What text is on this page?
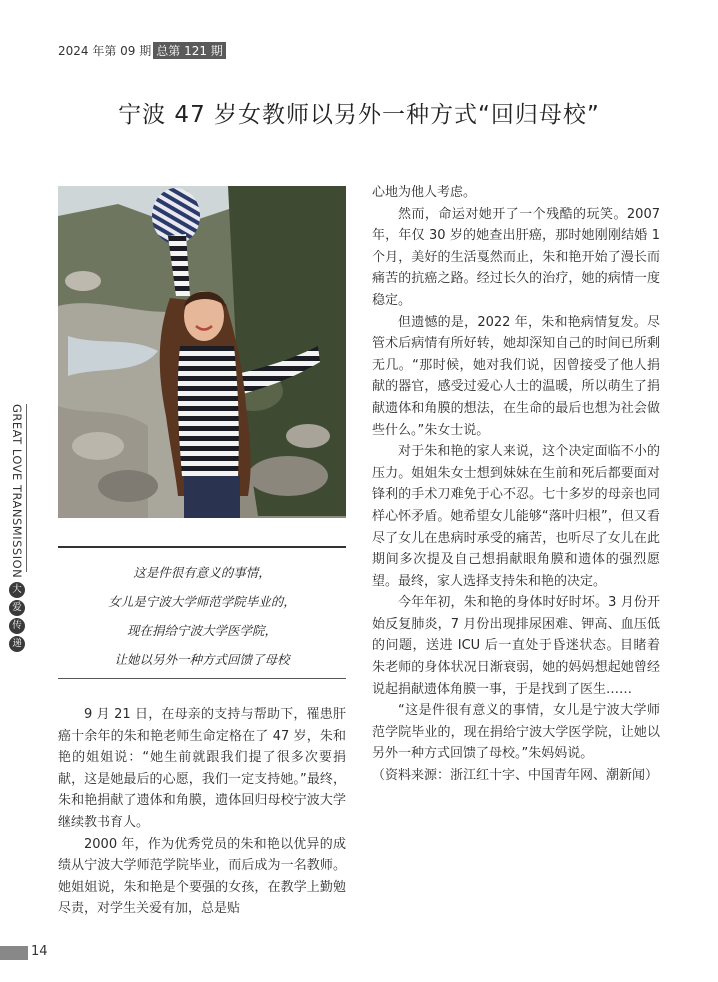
2024 年第 09 期 总第 121 期
宁波 47 岁女教师以另外一种方式“回归母校”
这是件很有意义的事情，
女儿是宁波大学师范学院毕业的，
现在捐给宁波大学医学院，
让她以另外一种方式回馈了母校

9 月 21 日，在母亲的支持与帮助下，罹患肝癌十余年的朱和艳老师生命定格在了 47 岁，朱和艳的姐姐说：“她生前就跟我们提了很多次要捐献，这是她最后的心愿，我们一定支持她。”最终，朱和艳捐献了遗体和角膜，遗体回归母校宁波大学继续教书育人。

2000 年，作为优秀党员的朱和艳以优异的成绩从宁波大学师范学院毕业，而后成为一名教师。她姐姐说，朱和艳是个要强的女孩，在教学上勤勉尽责，对学生关爱有加，总是贴

心地为他人考虑。

然而，命运对她开了一个残酷的玩笑。2007 年，年仅 30 岁的她查出肝癌，那时她刚刚结婚 1 个月，美好的生活戛然而止，朱和艳开始了漫长而痛苦的抗癌之路。经过长久的治疗，她的病情一度稳定。

但遗憾的是，2022 年，朱和艳病情复发。尽管术后病情有所好转，她却深知自己的时间已所剩无几。“那时候，她对我们说，因曾接受了他人捐献的器官，感受过爱心人士的温暖，所以萌生了捐献遗体和角膜的想法，在生命的最后也想为社会做些什么。”朱女士说。

对于朱和艳的家人来说，这个决定面临不小的压力。姐姐朱女士想到妹妹在生前和死后都要面对锋利的手术刀难免于心不忍。七十多岁的母亲也同样心怀矛盾。她希望女儿能够“落叶归根”，但又看尽了女儿在患病时承受的痛苦，也听尽了女儿在此期间多次提及自己想捐献眼角膜和遗体的强烈愿望。最终，家人选择支持朱和艳的决定。

今年年初，朱和艳的身体时好时坏。3 月份开始反复肺炎，7 月份出现排尿困难、钾高、血压低的问题，送进 ICU 后一直处于昏迷状态。目睹着朱老师的身体状况日渐衰弱，她的妈妈想起她曾经说起捐献遗体角膜一事，于是找到了医生……

“这是件很有意义的事情，女儿是宁波大学师范学院毕业的，现在捐给宁波大学医学院，让她以另外一种方式回馈了母校。”朱妈妈说。

（资料来源：浙江红十字、中国青年网、潮新闻）

GREAT LOVE TRANSMISSION
大
爱
传
递
14
